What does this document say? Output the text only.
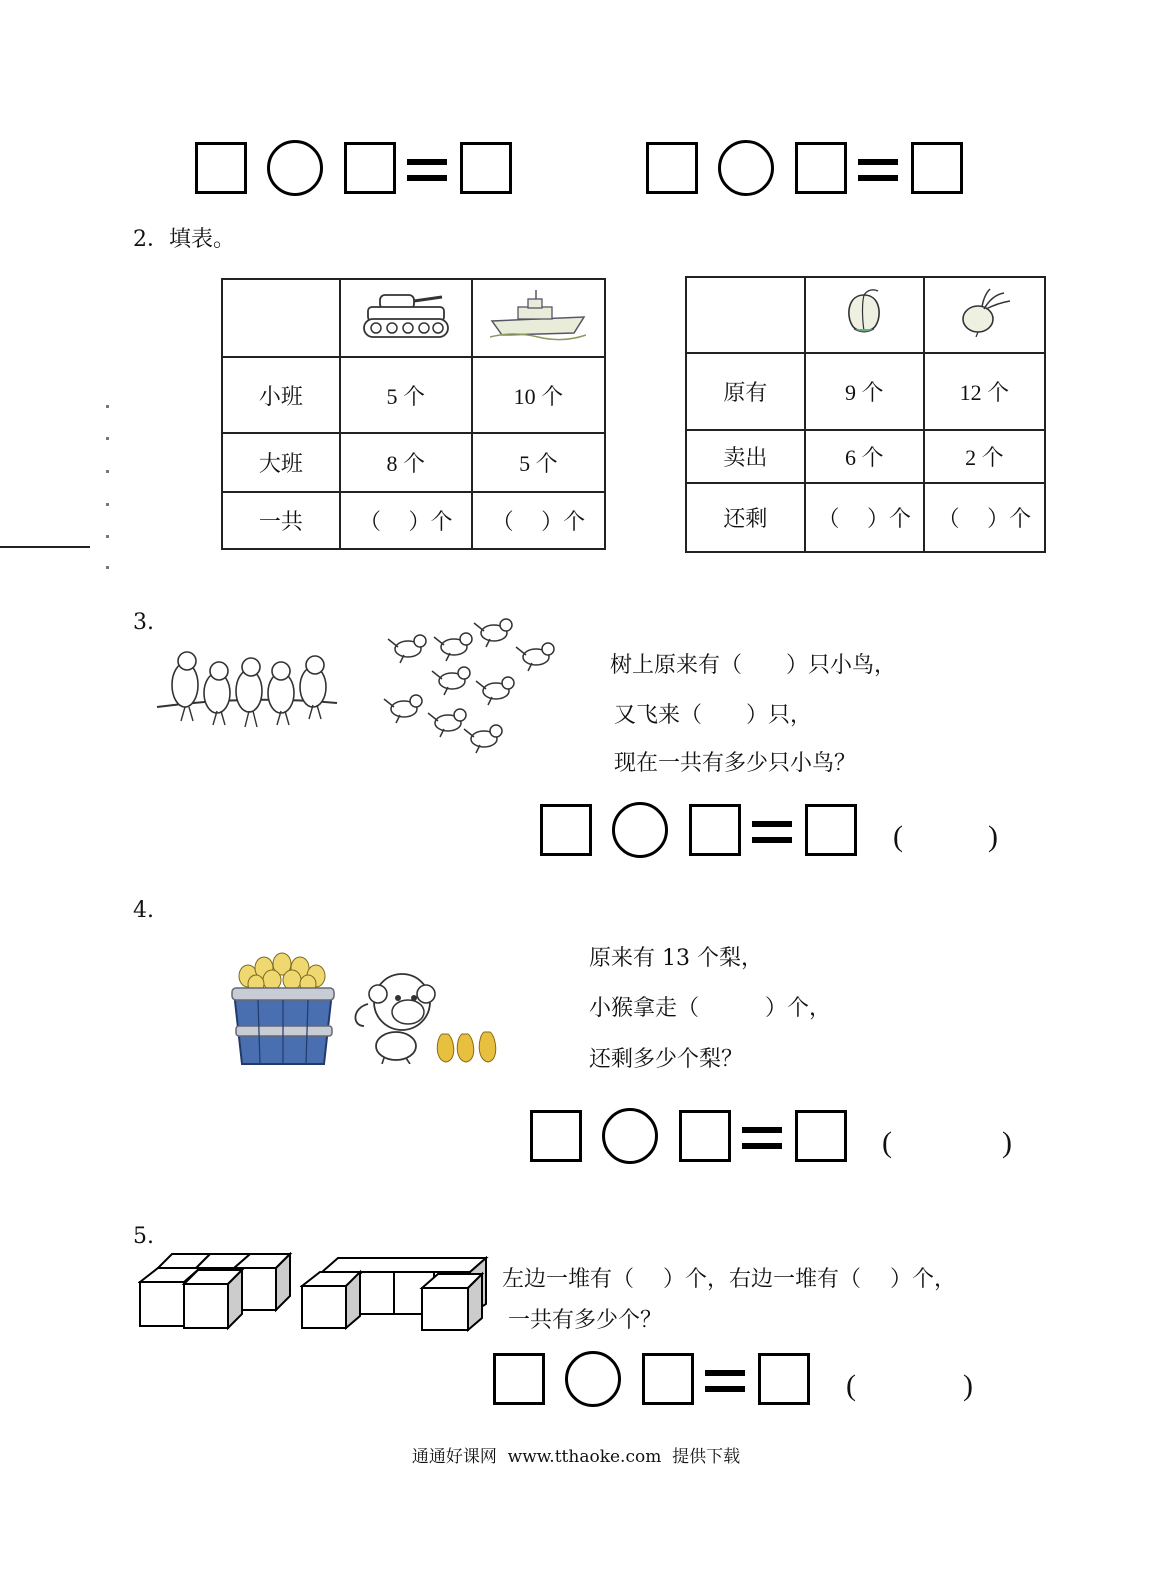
2．填表。

小班	5 个	10 个
大班	8 个	5 个
一共	（　 ）个	（　 ）个

原有	9 个	12 个
卖出	6 个	2 个
还剩	（　 ）个	（　 ）个
3.
树上原来有（　　）只小鸟，
又飞来（　　）只，
现在一共有多少只小鸟？
(	)
4.
原来有 13 个梨，
小猴拿走（　　　）个，
还剩多少个梨？
(	)
5.
左边一堆有（　 ）个，右边一堆有（　 ）个，
一共有多少个？
(	)
通通好课网  www.tthaoke.com  提供下载
